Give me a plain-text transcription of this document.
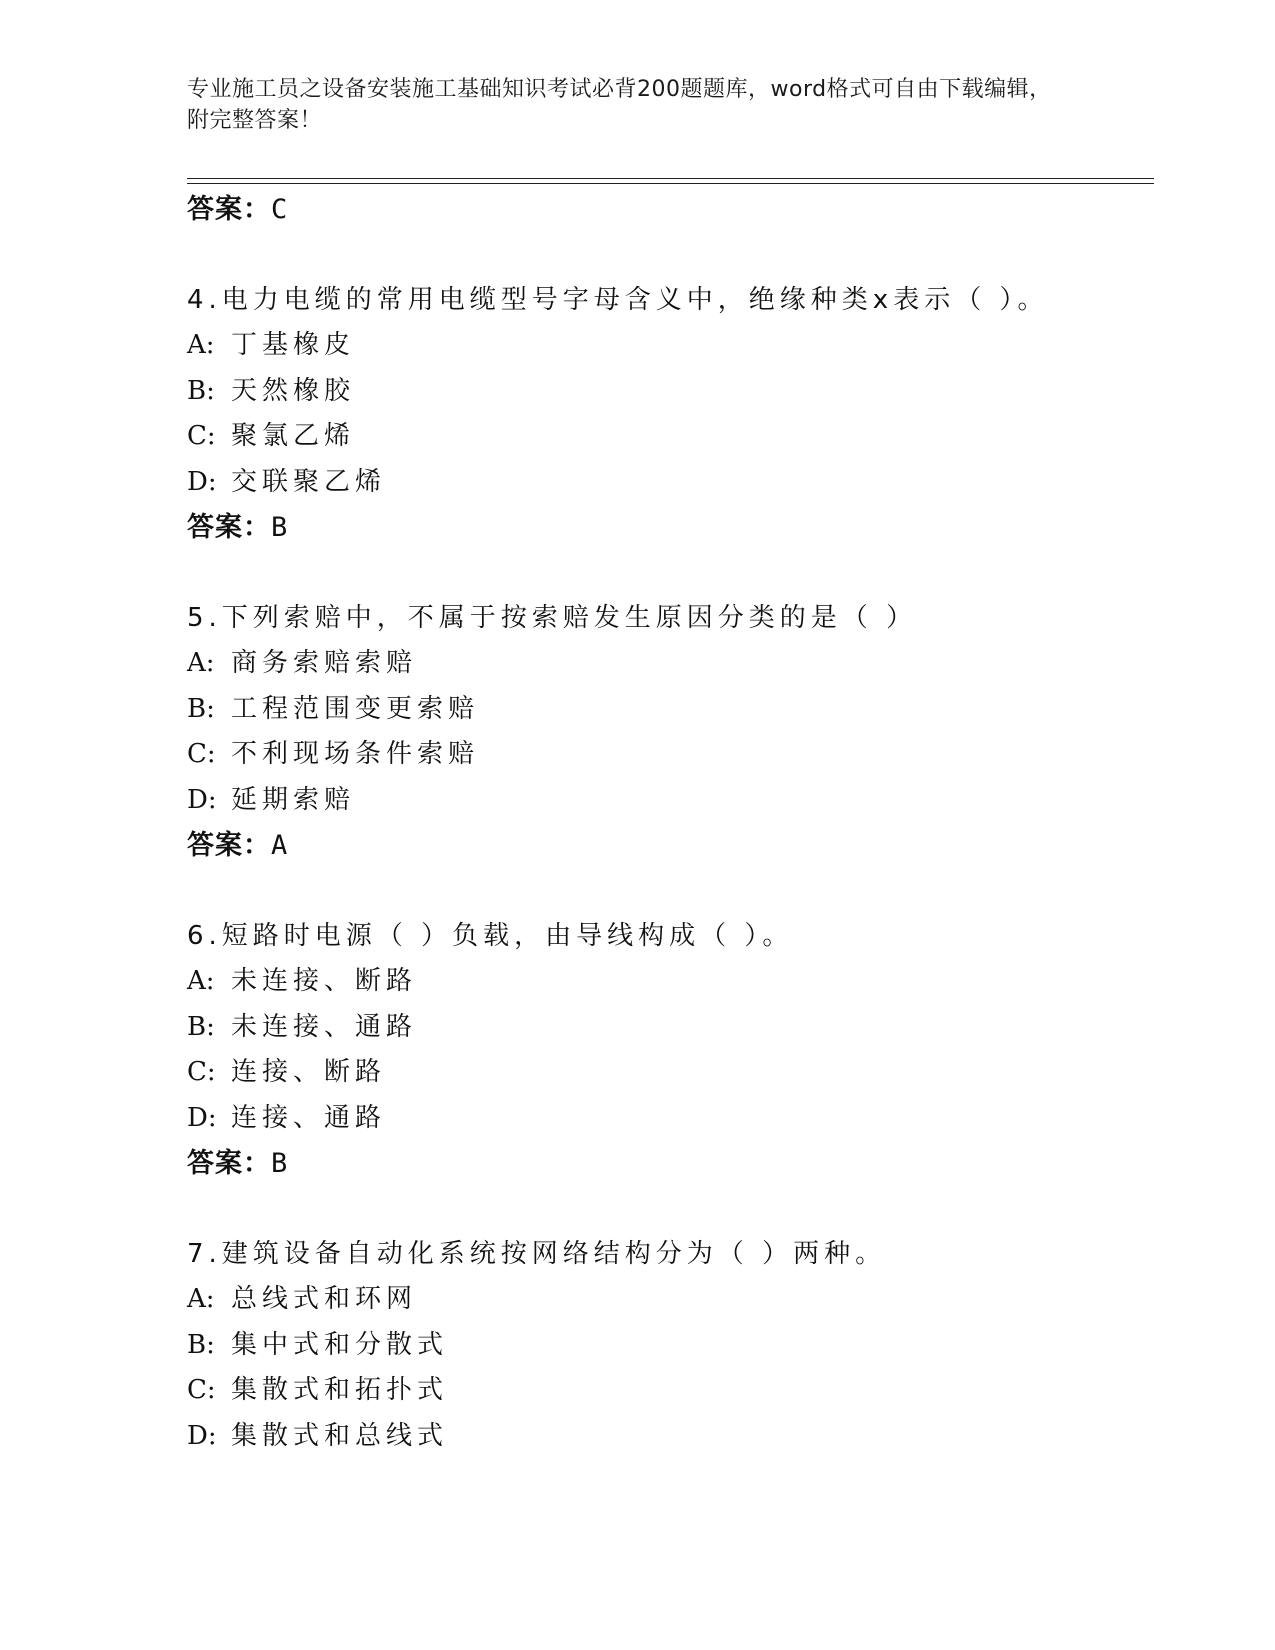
专业施工员之设备安装施工基础知识考试必背200题题库，word格式可自由下载编辑，附完整答案！
答案：C
4.电力电缆的常用电缆型号字母含义中，绝缘种类x表示（ ）。
A: 丁基橡皮
B: 天然橡胶
C: 聚氯乙烯
D: 交联聚乙烯
答案：B
5.下列索赔中，不属于按索赔发生原因分类的是（ ）
A: 商务索赔索赔
B: 工程范围变更索赔
C: 不利现场条件索赔
D: 延期索赔
答案：A
6.短路时电源（ ）负载，由导线构成（ ）。
A: 未连接、断路
B: 未连接、通路
C: 连接、断路
D: 连接、通路
答案：B
7.建筑设备自动化系统按网络结构分为（ ）两种。
A: 总线式和环网
B: 集中式和分散式
C: 集散式和拓扑式
D: 集散式和总线式
